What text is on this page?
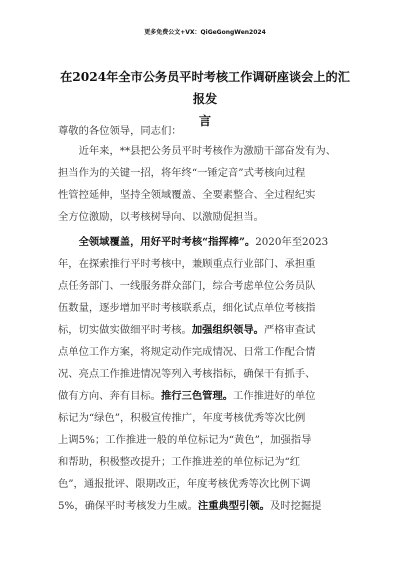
更多免费公文+VX：QiGeGongWen2024
在2024年全市公务员平时考核工作调研座谈会上的汇报发
言
尊敬的各位领导，同志们：
　　近年来，**县把公务员平时考核作为激励干部奋发有为、
担当作为的关键一招，将年终“一锤定音”式考核向过程
性管控延伸，坚持全领域覆盖、全要素整合、全过程纪实
全方位激励，以考核树导向、以激励促担当。
　　全领域覆盖，用好平时考核“指挥棒”。2020年至2023
年，在探索推行平时考核中，兼顾重点行业部门、承担重
点任务部门、一线服务群众部门，综合考虑单位公务员队
伍数量，逐步增加平时考核联系点，细化试点单位考核指
标，切实做实做细平时考核。加强组织领导。严格审查试
点单位工作方案，将规定动作完成情况、日常工作配合情
况、亮点工作推进情况等列入考核指标，确保干有抓手、
做有方向、奔有目标。推行三色管理。工作推进好的单位
标记为“绿色”，积极宣传推广，年度考核优秀等次比例
上调5%；工作推进一般的单位标记为“黄色”，加强指导
和帮助，积极整改提升；工作推进差的单位标记为“红
色”，通报批评、限期改正，年度考核优秀等次比例下调
5%，确保平时考核发力生威。注重典型引领。及时挖掘提
